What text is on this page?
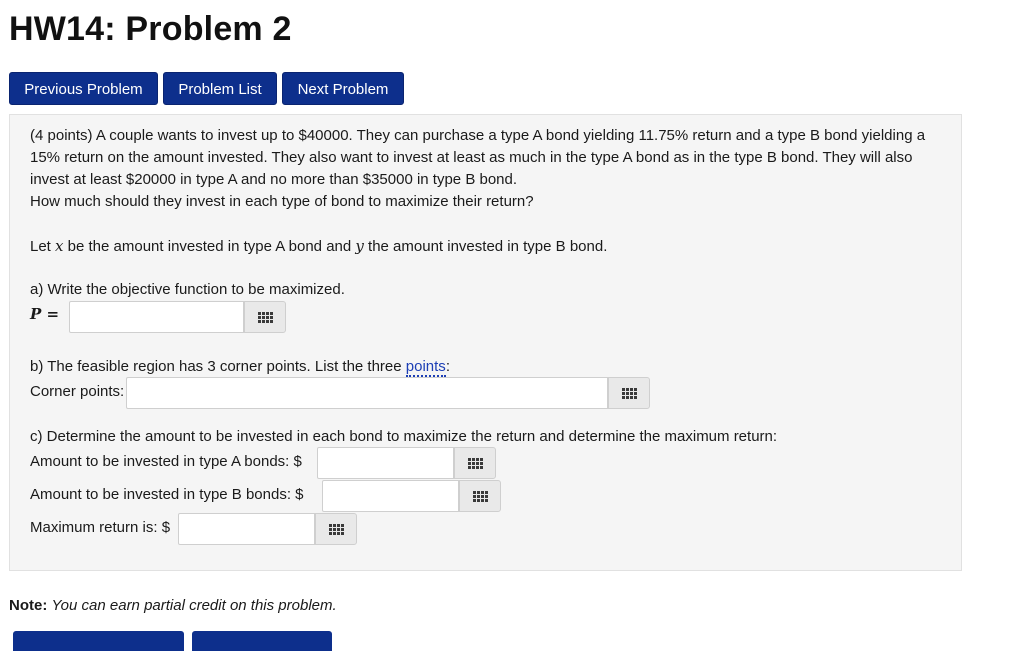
HW14: Problem 2
Previous Problem	Problem List	Next Problem
(4 points) A couple wants to invest up to $40000. They can purchase a type A bond yielding 11.75% return and a type B bond yielding a
15% return on the amount invested. They also want to invest at least as much in the type A bond as in the type B bond. They will also
invest at least $20000 in type A and no more than $35000 in type B bond.
How much should they invest in each type of bond to maximize their return?
Let x be the amount invested in type A bond and y the amount invested in type B bond.
a) Write the objective function to be maximized.
P =
b) The feasible region has 3 corner points. List the three points:
Corner points:
c) Determine the amount to be invested in each bond to maximize the return and determine the maximum return:
Amount to be invested in type A bonds: $
Amount to be invested in type B bonds: $
Maximum return is: $
Note: You can earn partial credit on this problem.
